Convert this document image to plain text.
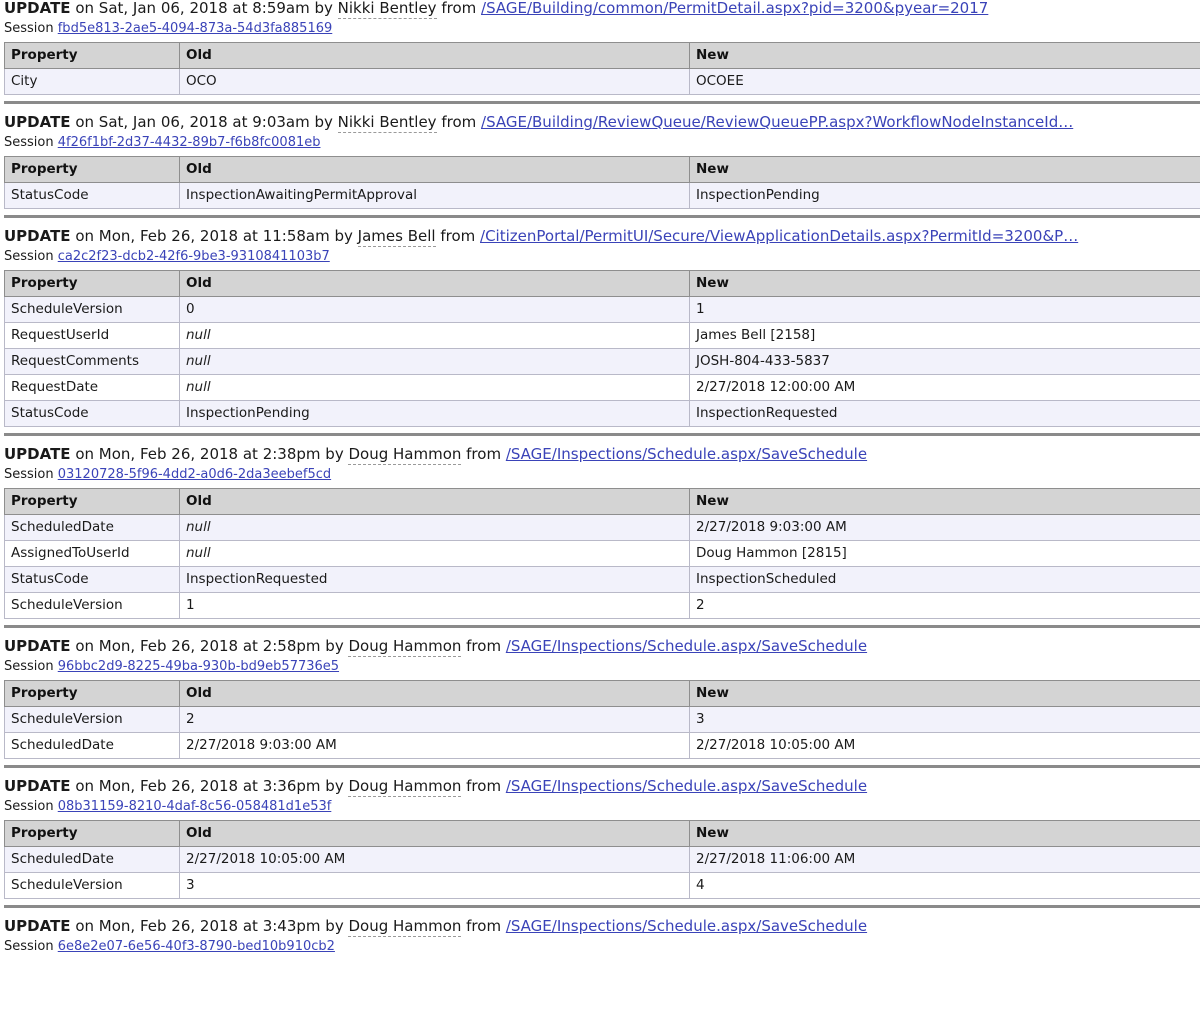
UPDATE on Sat, Jan 06, 2018 at 8:59am by Nikki Bentley from /SAGE/Building/common/PermitDetail.aspx?pid=3200&pyear=2017
Session fbd5e813-2ae5-4094-873a-54d3fa885169
Property	Old	New
City	OCO	OCOEE
UPDATE on Sat, Jan 06, 2018 at 9:03am by Nikki Bentley from /SAGE/Building/ReviewQueue/ReviewQueuePP.aspx?WorkflowNodeInstanceId…
Session 4f26f1bf-2d37-4432-89b7-f6b8fc0081eb
Property	Old	New
StatusCode	InspectionAwaitingPermitApproval	InspectionPending
UPDATE on Mon, Feb 26, 2018 at 11:58am by James Bell from /CitizenPortal/PermitUI/Secure/ViewApplicationDetails.aspx?PermitId=3200&P…
Session ca2c2f23-dcb2-42f6-9be3-9310841103b7
Property	Old	New
ScheduleVersion	0	1
RequestUserId	null	James Bell [2158]
RequestComments	null	JOSH-804-433-5837
RequestDate	null	2/27/2018 12:00:00 AM
StatusCode	InspectionPending	InspectionRequested
UPDATE on Mon, Feb 26, 2018 at 2:38pm by Doug Hammon from /SAGE/Inspections/Schedule.aspx/SaveSchedule
Session 03120728-5f96-4dd2-a0d6-2da3eebef5cd
Property	Old	New
ScheduledDate	null	2/27/2018 9:03:00 AM
AssignedToUserId	null	Doug Hammon [2815]
StatusCode	InspectionRequested	InspectionScheduled
ScheduleVersion	1	2
UPDATE on Mon, Feb 26, 2018 at 2:58pm by Doug Hammon from /SAGE/Inspections/Schedule.aspx/SaveSchedule
Session 96bbc2d9-8225-49ba-930b-bd9eb57736e5
Property	Old	New
ScheduleVersion	2	3
ScheduledDate	2/27/2018 9:03:00 AM	2/27/2018 10:05:00 AM
UPDATE on Mon, Feb 26, 2018 at 3:36pm by Doug Hammon from /SAGE/Inspections/Schedule.aspx/SaveSchedule
Session 08b31159-8210-4daf-8c56-058481d1e53f
Property	Old	New
ScheduledDate	2/27/2018 10:05:00 AM	2/27/2018 11:06:00 AM
ScheduleVersion	3	4
UPDATE on Mon, Feb 26, 2018 at 3:43pm by Doug Hammon from /SAGE/Inspections/Schedule.aspx/SaveSchedule
Session 6e8e2e07-6e56-40f3-8790-bed10b910cb2
